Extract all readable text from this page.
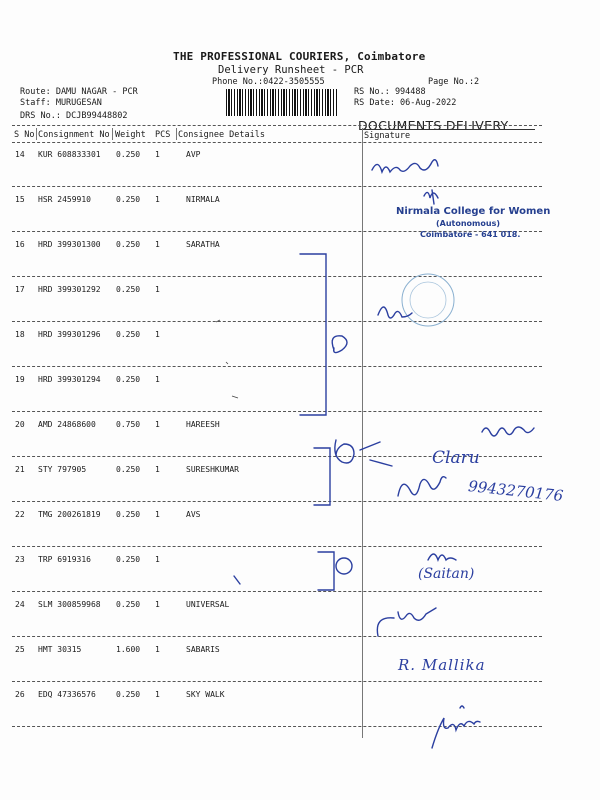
THE PROFESSIONAL COURIERS, Coimbatore
Delivery Runsheet - PCR
Phone No.:0422-3505555	Page No.:2
Route: DAMU NAGAR - PCR
Staff: MURUGESAN
DRS No.: DCJB99448802
RS No.: 994488
RS Date: 06-Aug-2022
DOCUMENTS DELIVERY
S No Consignment No Weight PCS Consignee Details	Signature
14 KUR 608833301 0.250 1	AVP
15 HSR 2459910	0.250 1	NIRMALA
16 HRD 399301300 0.250 1	SARATHA
17 HRD 399301292 0.250 1
18 HRD 399301296 0.250 1
19 HRD 399301294 0.250 1
20 AMD 24868600	0.750 1	HAREESH
21 STY 797905	0.250 1	SURESHKUMAR
22 TMG 200261819 0.250 1	AVS
23 TRP 6919316	0.250 1
24 SLM 300859968 0.250 1	UNIVERSAL
25 HMT 30315	1.600 1	SABARIS
26 EDQ 47336576	0.250 1	SKY WALK
Nirmala College for Women
(Autonomous)
Coimbatore - 641 018.
9943270176
Claru
(Saitan)
R. Mallika
